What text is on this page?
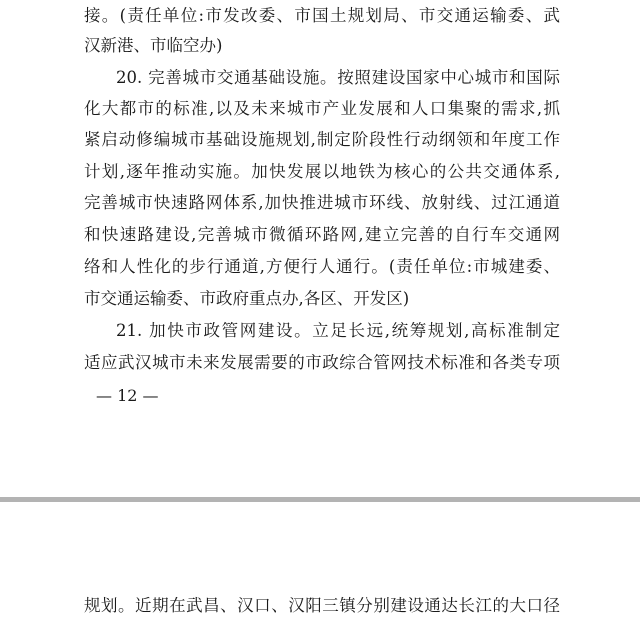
接。(责任单位:市发改委、市国土规划局、市交通运输委、武
汉新港、市临空办)
20. 完善城市交通基础设施。按照建设国家中心城市和国际
化大都市的标准,以及未来城市产业发展和人口集聚的需求,抓
紧启动修编城市基础设施规划,制定阶段性行动纲领和年度工作
计划,逐年推动实施。加快发展以地铁为核心的公共交通体系,
完善城市快速路网体系,加快推进城市环线、放射线、过江通道
和快速路建设,完善城市微循环路网,建立完善的自行车交通网
络和人性化的步行通道,方便行人通行。(责任单位:市城建委、
市交通运输委、市政府重点办,各区、开发区)
21. 加快市政管网建设。立足长远,统筹规划,高标准制定
适应武汉城市未来发展需要的市政综合管网技术标准和各类专项
— 12 —
规划。近期在武昌、汉口、汉阳三镇分别建设通达长江的大口径
